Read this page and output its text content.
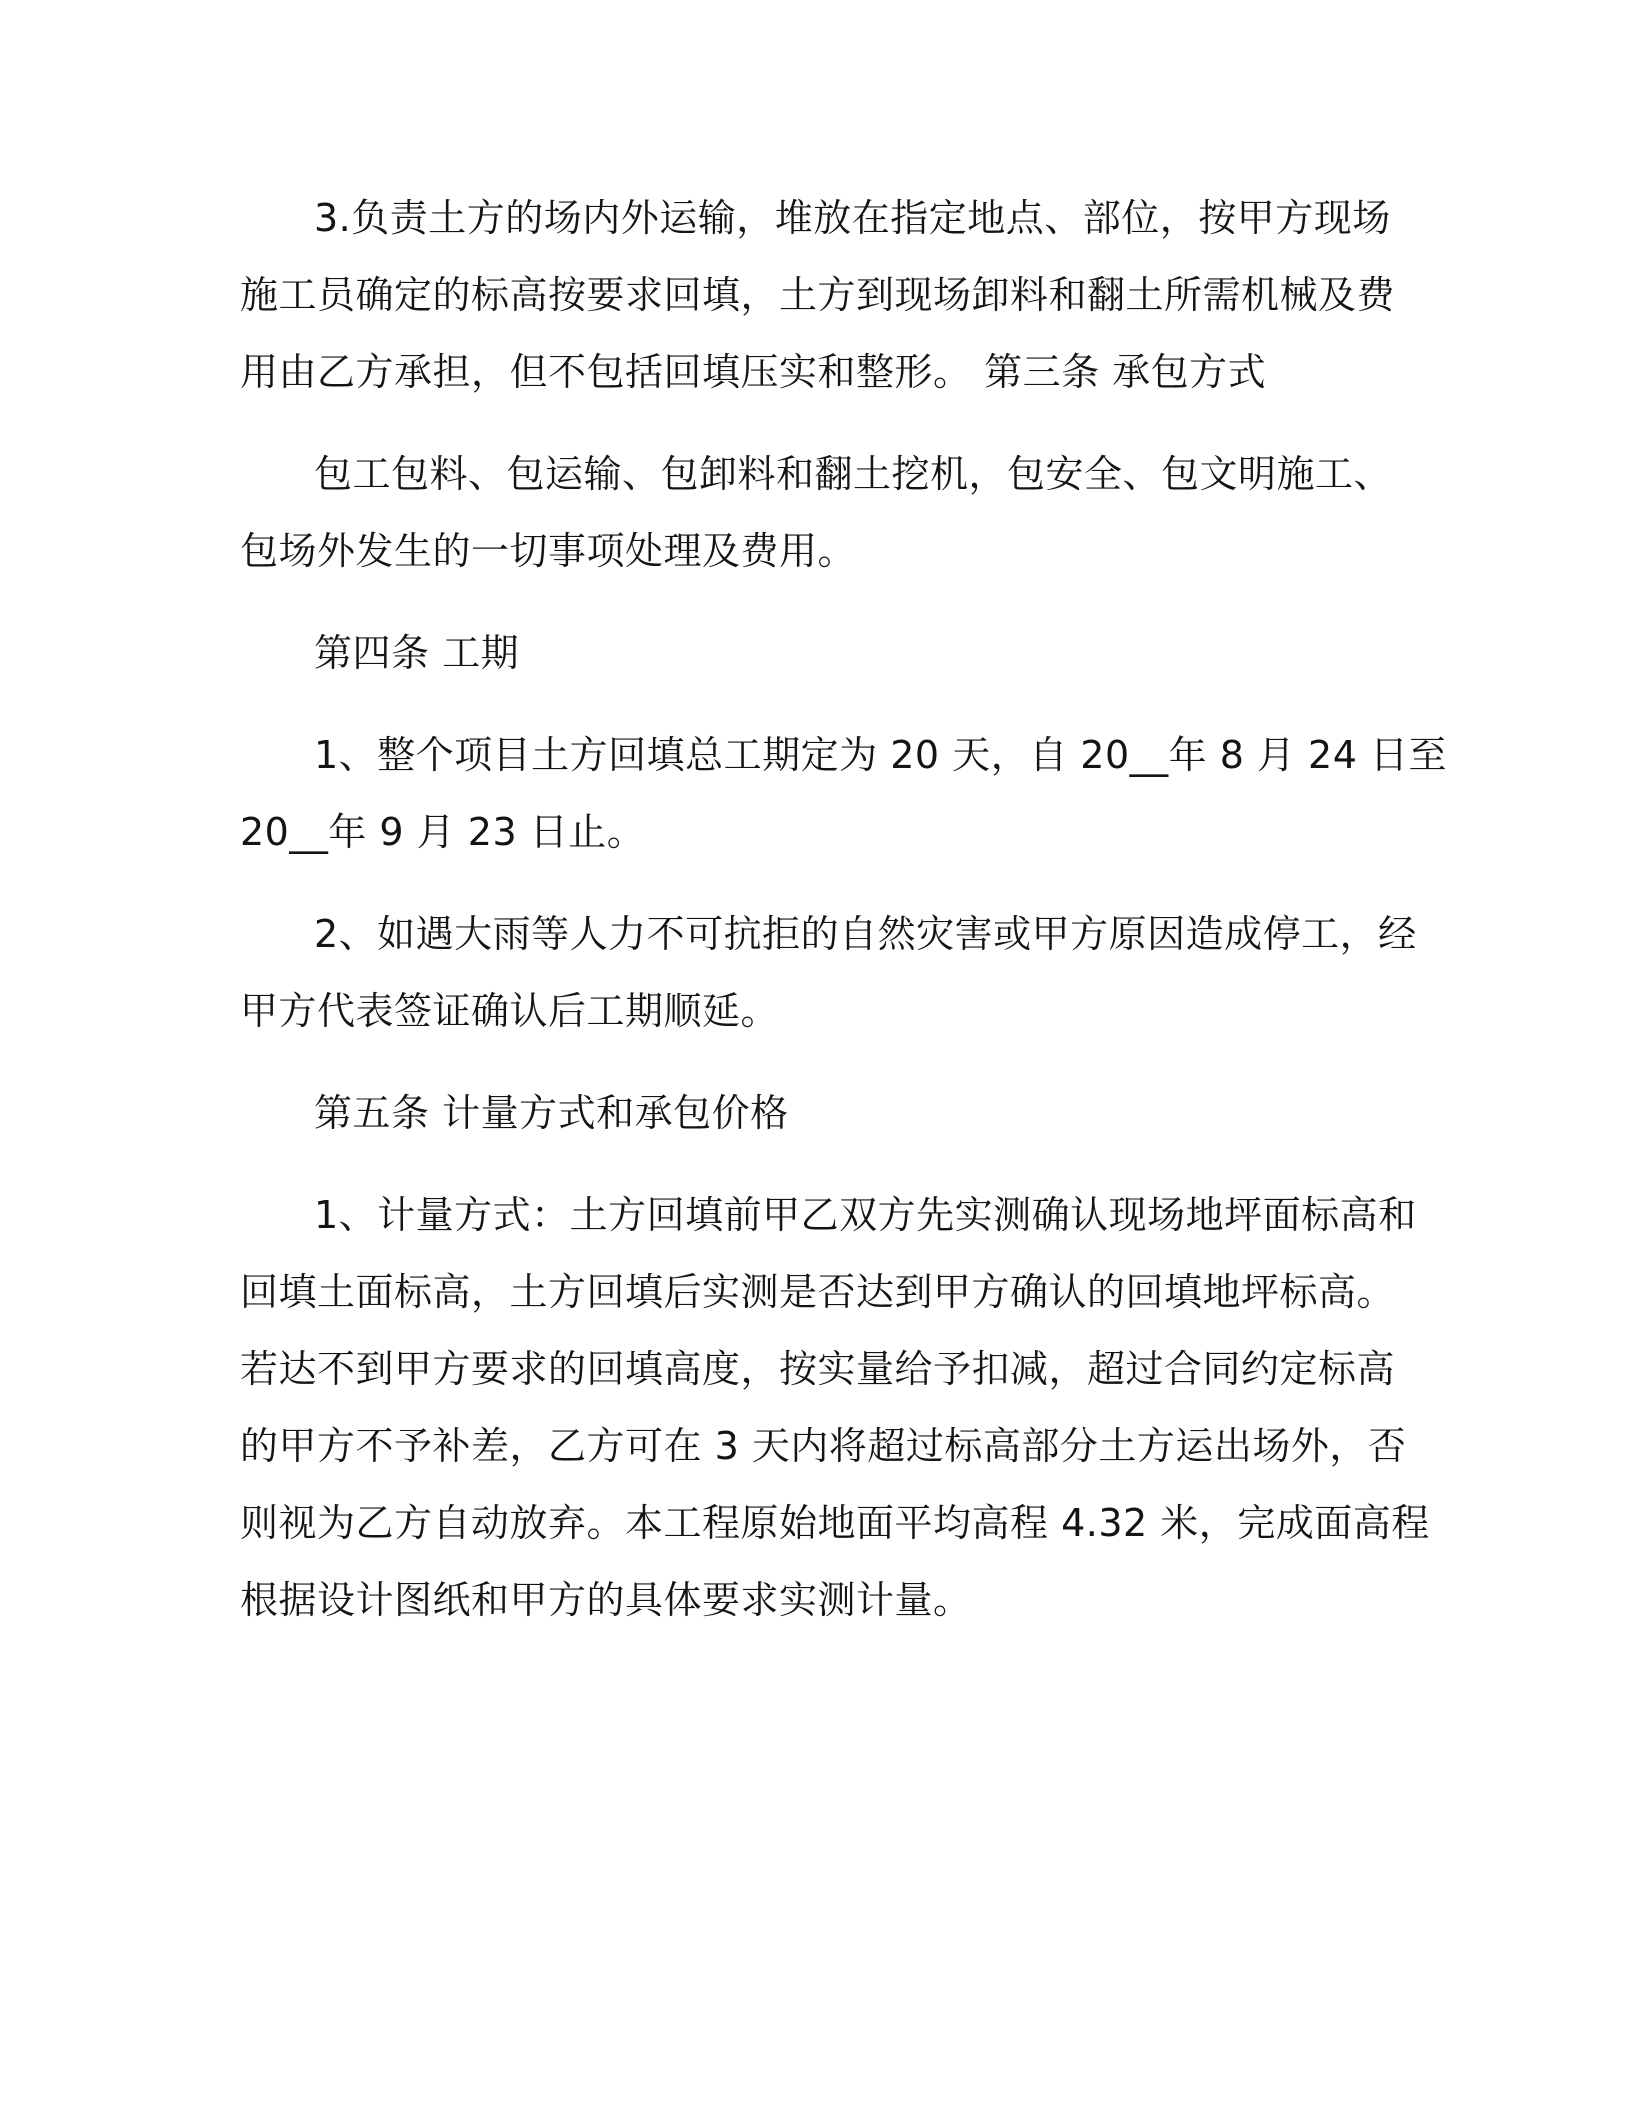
3.负责土方的场内外运输，堆放在指定地点、部位，按甲方现场
施工员确定的标高按要求回填，土方到现场卸料和翻土所需机械及费
用由乙方承担，但不包括回填压实和整形。 第三条 承包方式
包工包料、包运输、包卸料和翻土挖机，包安全、包文明施工、
包场外发生的一切事项处理及费用。
第四条 工期
1、整个项目土方回填总工期定为 20 天，自 20__年 8 月 24 日至
20__年 9 月 23 日止。
2、如遇大雨等人力不可抗拒的自然灾害或甲方原因造成停工，经
甲方代表签证确认后工期顺延。
第五条 计量方式和承包价格
1、计量方式：土方回填前甲乙双方先实测确认现场地坪面标高和
回填土面标高，土方回填后实测是否达到甲方确认的回填地坪标高。
若达不到甲方要求的回填高度，按实量给予扣减，超过合同约定标高
的甲方不予补差，乙方可在 3 天内将超过标高部分土方运出场外，否
则视为乙方自动放弃。本工程原始地面平均高程 4.32 米，完成面高程
根据设计图纸和甲方的具体要求实测计量。
